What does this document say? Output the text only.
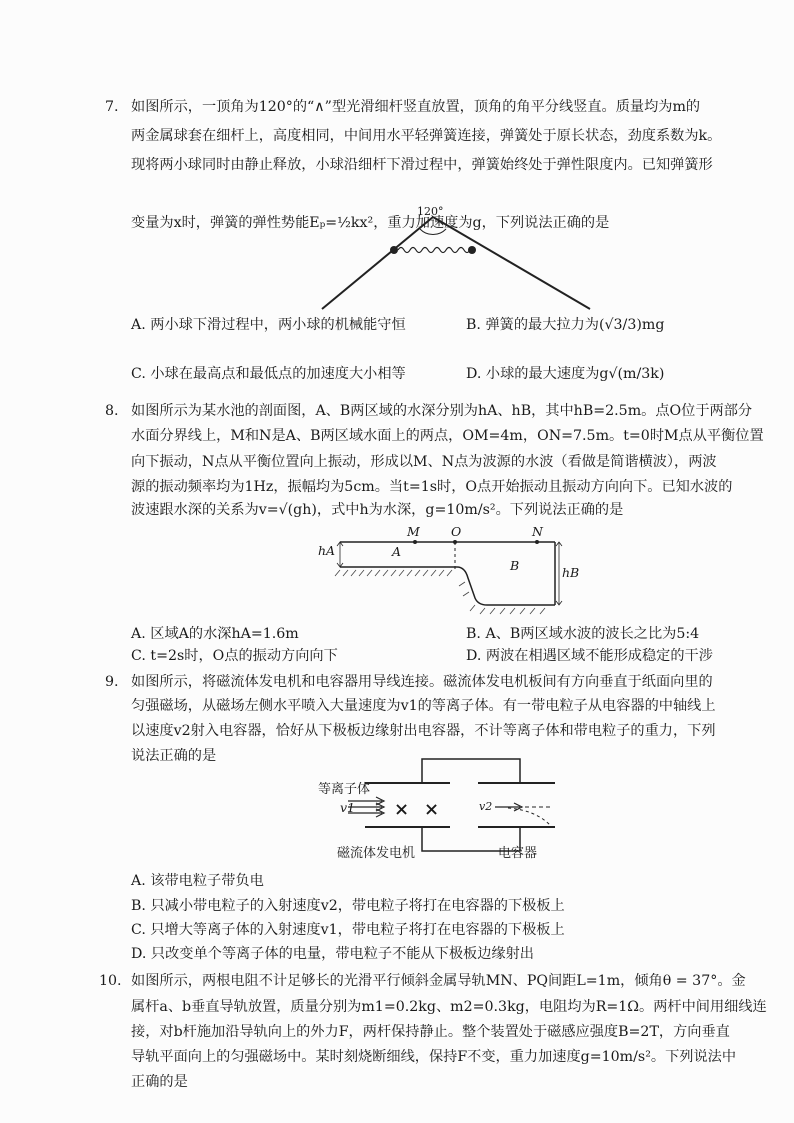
7. 如图所示，一顶角为120°的“∧”型光滑细杆竖直放置，顶角的角平分线竖直。质量均为m的
两金属球套在细杆上，高度相同，中间用水平轻弹簧连接，弹簧处于原长状态，劲度系数为k。
现将两小球同时由静止释放，小球沿细杆下滑过程中，弹簧始终处于弹性限度内。已知弹簧形
变量为x时，弹簧的弹性势能Eₚ=½kx²，重力加速度为g，下列说法正确的是
120°
A. 两小球下滑过程中，两小球的机械能守恒	B. 弹簧的最大拉力为(√3/3)mg
C. 小球在最高点和最低点的加速度大小相等	D. 小球的最大速度为g√(m/3k)
8. 如图所示为某水池的剖面图，A、B两区域的水深分别为hA、hB，其中hB=2.5m。点O位于两部分
水面分界线上，M和N是A、B两区域水面上的两点，OM=4m，ON=7.5m。t=0时M点从平衡位置
向下振动，N点从平衡位置向上振动，形成以M、N点为波源的水波（看做是简谐横波），两波
源的振动频率均为1Hz，振幅均为5cm。当t=1s时，O点开始振动且振动方向向下。已知水波的
波速跟水深的关系为v=√(gh)，式中h为水深，g=10m/s²。下列说法正确的是
M O	N
A
B
hA
hB
A. 区域A的水深hA=1.6m	B. A、B两区域水波的波长之比为5:4
C. t=2s时，O点的振动方向向下	D. 两波在相遇区域不能形成稳定的干涉
9. 如图所示，将磁流体发电机和电容器用导线连接。磁流体发电机板间有方向垂直于纸面向里的
匀强磁场，从磁场左侧水平喷入大量速度为v1的等离子体。有一带电粒子从电容器的中轴线上
以速度v2射入电容器，恰好从下极板边缘射出电容器，不计等离子体和带电粒子的重力，下列
说法正确的是
等离子体
v1	v2
× ×
磁流体发电机	电容器
A. 该带电粒子带负电
B. 只减小带电粒子的入射速度v2，带电粒子将打在电容器的下极板上
C. 只增大等离子体的入射速度v1，带电粒子将打在电容器的下极板上
D. 只改变单个等离子体的电量，带电粒子不能从下极板边缘射出
10. 如图所示，两根电阻不计足够长的光滑平行倾斜金属导轨MN、PQ间距L=1m，倾角θ = 37°。金
属杆a、b垂直导轨放置，质量分别为m1=0.2kg、m2=0.3kg，电阻均为R=1Ω。两杆中间用细线连
接，对b杆施加沿导轨向上的外力F，两杆保持静止。整个装置处于磁感应强度B=2T，方向垂直
导轨平面向上的匀强磁场中。某时刻烧断细线，保持F不变，重力加速度g=10m/s²。下列说法中
正确的是
